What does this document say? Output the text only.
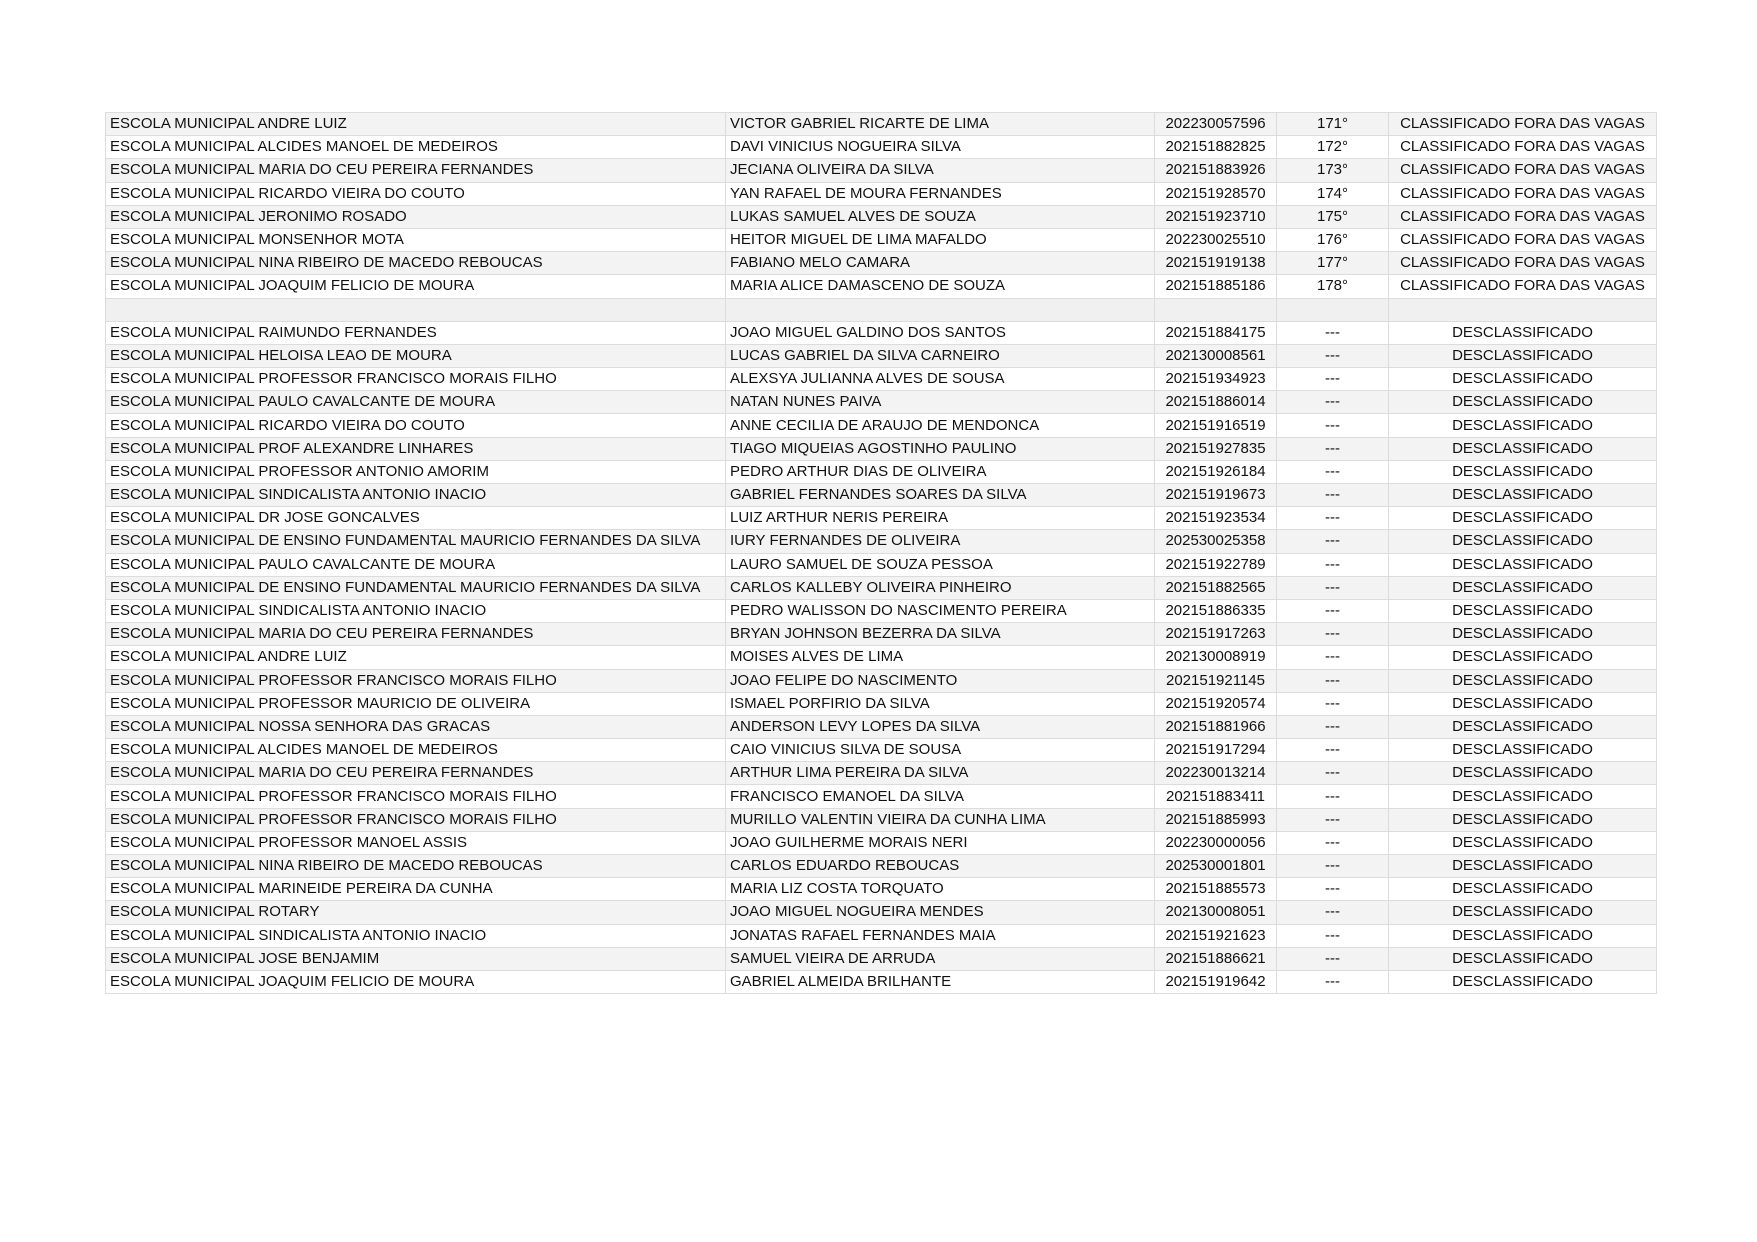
ESCOLA MUNICIPAL ANDRE LUIZ	VICTOR GABRIEL RICARTE DE LIMA	202230057596	171°	CLASSIFICADO FORA DAS VAGAS
ESCOLA MUNICIPAL ALCIDES MANOEL DE MEDEIROS	DAVI VINICIUS NOGUEIRA SILVA	202151882825	172°	CLASSIFICADO FORA DAS VAGAS
ESCOLA MUNICIPAL MARIA DO CEU PEREIRA FERNANDES	JECIANA OLIVEIRA DA SILVA	202151883926	173°	CLASSIFICADO FORA DAS VAGAS
ESCOLA MUNICIPAL RICARDO VIEIRA DO COUTO	YAN RAFAEL DE MOURA FERNANDES	202151928570	174°	CLASSIFICADO FORA DAS VAGAS
ESCOLA MUNICIPAL JERONIMO ROSADO	LUKAS SAMUEL ALVES DE SOUZA	202151923710	175°	CLASSIFICADO FORA DAS VAGAS
ESCOLA MUNICIPAL MONSENHOR MOTA	HEITOR MIGUEL DE LIMA MAFALDO	202230025510	176°	CLASSIFICADO FORA DAS VAGAS
ESCOLA MUNICIPAL NINA RIBEIRO DE MACEDO REBOUCAS	FABIANO MELO CAMARA	202151919138	177°	CLASSIFICADO FORA DAS VAGAS
ESCOLA MUNICIPAL JOAQUIM FELICIO DE MOURA	MARIA ALICE DAMASCENO DE SOUZA	202151885186	178°	CLASSIFICADO FORA DAS VAGAS

ESCOLA MUNICIPAL RAIMUNDO FERNANDES	JOAO MIGUEL GALDINO DOS SANTOS	202151884175	---	DESCLASSIFICADO
ESCOLA MUNICIPAL HELOISA LEAO DE MOURA	LUCAS GABRIEL DA SILVA CARNEIRO	202130008561	---	DESCLASSIFICADO
ESCOLA MUNICIPAL PROFESSOR FRANCISCO MORAIS FILHO	ALEXSYA JULIANNA ALVES DE SOUSA	202151934923	---	DESCLASSIFICADO
ESCOLA MUNICIPAL PAULO CAVALCANTE DE MOURA	NATAN NUNES PAIVA	202151886014	---	DESCLASSIFICADO
ESCOLA MUNICIPAL RICARDO VIEIRA DO COUTO	ANNE CECILIA DE ARAUJO DE MENDONCA	202151916519	---	DESCLASSIFICADO
ESCOLA MUNICIPAL PROF ALEXANDRE LINHARES	TIAGO MIQUEIAS AGOSTINHO PAULINO	202151927835	---	DESCLASSIFICADO
ESCOLA MUNICIPAL PROFESSOR ANTONIO AMORIM	PEDRO ARTHUR DIAS DE OLIVEIRA	202151926184	---	DESCLASSIFICADO
ESCOLA MUNICIPAL SINDICALISTA ANTONIO INACIO	GABRIEL FERNANDES SOARES DA SILVA	202151919673	---	DESCLASSIFICADO
ESCOLA MUNICIPAL DR JOSE GONCALVES	LUIZ ARTHUR NERIS PEREIRA	202151923534	---	DESCLASSIFICADO
ESCOLA MUNICIPAL DE ENSINO FUNDAMENTAL MAURICIO FERNANDES DA SILVA	IURY FERNANDES DE OLIVEIRA	202530025358	---	DESCLASSIFICADO
ESCOLA MUNICIPAL PAULO CAVALCANTE DE MOURA	LAURO SAMUEL DE SOUZA PESSOA	202151922789	---	DESCLASSIFICADO
ESCOLA MUNICIPAL DE ENSINO FUNDAMENTAL MAURICIO FERNANDES DA SILVA	CARLOS KALLEBY OLIVEIRA PINHEIRO	202151882565	---	DESCLASSIFICADO
ESCOLA MUNICIPAL SINDICALISTA ANTONIO INACIO	PEDRO WALISSON DO NASCIMENTO PEREIRA	202151886335	---	DESCLASSIFICADO
ESCOLA MUNICIPAL MARIA DO CEU PEREIRA FERNANDES	BRYAN JOHNSON BEZERRA DA SILVA	202151917263	---	DESCLASSIFICADO
ESCOLA MUNICIPAL ANDRE LUIZ	MOISES ALVES DE LIMA	202130008919	---	DESCLASSIFICADO
ESCOLA MUNICIPAL PROFESSOR FRANCISCO MORAIS FILHO	JOAO FELIPE DO NASCIMENTO	202151921145	---	DESCLASSIFICADO
ESCOLA MUNICIPAL PROFESSOR MAURICIO DE OLIVEIRA	ISMAEL PORFIRIO DA SILVA	202151920574	---	DESCLASSIFICADO
ESCOLA MUNICIPAL NOSSA SENHORA DAS GRACAS	ANDERSON LEVY LOPES DA SILVA	202151881966	---	DESCLASSIFICADO
ESCOLA MUNICIPAL ALCIDES MANOEL DE MEDEIROS	CAIO VINICIUS SILVA DE SOUSA	202151917294	---	DESCLASSIFICADO
ESCOLA MUNICIPAL MARIA DO CEU PEREIRA FERNANDES	ARTHUR LIMA PEREIRA DA SILVA	202230013214	---	DESCLASSIFICADO
ESCOLA MUNICIPAL PROFESSOR FRANCISCO MORAIS FILHO	FRANCISCO EMANOEL DA SILVA	202151883411	---	DESCLASSIFICADO
ESCOLA MUNICIPAL PROFESSOR FRANCISCO MORAIS FILHO	MURILLO VALENTIN VIEIRA DA CUNHA LIMA	202151885993	---	DESCLASSIFICADO
ESCOLA MUNICIPAL PROFESSOR MANOEL ASSIS	JOAO GUILHERME MORAIS NERI	202230000056	---	DESCLASSIFICADO
ESCOLA MUNICIPAL NINA RIBEIRO DE MACEDO REBOUCAS	CARLOS EDUARDO REBOUCAS	202530001801	---	DESCLASSIFICADO
ESCOLA MUNICIPAL MARINEIDE PEREIRA DA CUNHA	MARIA LIZ COSTA TORQUATO	202151885573	---	DESCLASSIFICADO
ESCOLA MUNICIPAL ROTARY	JOAO MIGUEL NOGUEIRA MENDES	202130008051	---	DESCLASSIFICADO
ESCOLA MUNICIPAL SINDICALISTA ANTONIO INACIO	JONATAS RAFAEL FERNANDES MAIA	202151921623	---	DESCLASSIFICADO
ESCOLA MUNICIPAL JOSE BENJAMIM	SAMUEL VIEIRA DE ARRUDA	202151886621	---	DESCLASSIFICADO
ESCOLA MUNICIPAL JOAQUIM FELICIO DE MOURA	GABRIEL ALMEIDA BRILHANTE	202151919642	---	DESCLASSIFICADO
